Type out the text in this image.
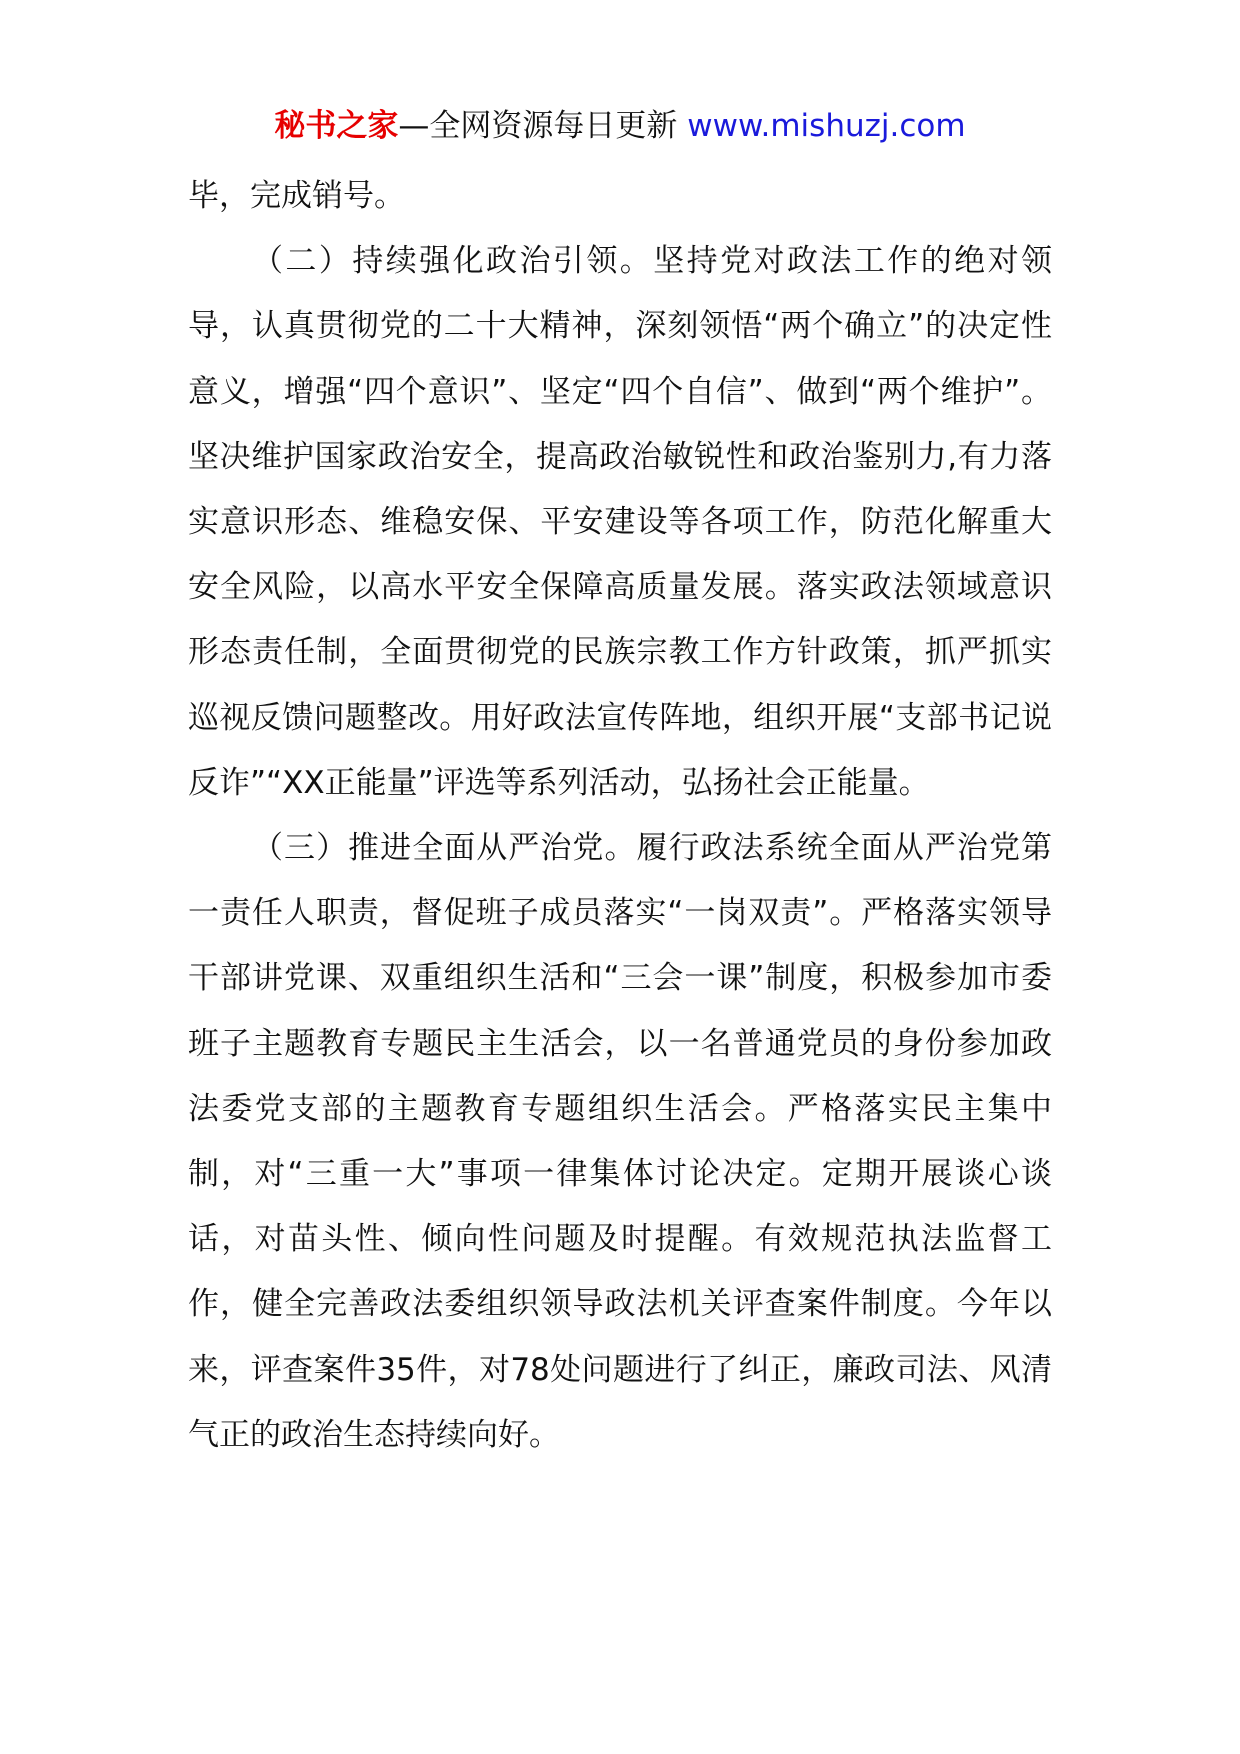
秘书之家—全网资源每日更新 www.mishuzj.com

毕，完成销号。

（二）持续强化政治引领。坚持党对政法工作的绝对领导，认真贯彻党的二十大精神，深刻领悟“两个确立”的决定性意义，增强“四个意识”、坚定“四个自信”、做到“两个维护”。坚决维护国家政治安全，提高政治敏锐性和政治鉴别力,有力落实意识形态、维稳安保、平安建设等各项工作，防范化解重大安全风险，以高水平安全保障高质量发展。落实政法领域意识形态责任制，全面贯彻党的民族宗教工作方针政策，抓严抓实巡视反馈问题整改。用好政法宣传阵地，组织开展“支部书记说反诈”“XX正能量”评选等系列活动，弘扬社会正能量。

（三）推进全面从严治党。履行政法系统全面从严治党第一责任人职责，督促班子成员落实“一岗双责”。严格落实领导干部讲党课、双重组织生活和“三会一课”制度，积极参加市委班子主题教育专题民主生活会，以一名普通党员的身份参加政法委党支部的主题教育专题组织生活会。严格落实民主集中制，对“三重一大”事项一律集体讨论决定。定期开展谈心谈话，对苗头性、倾向性问题及时提醒。有效规范执法监督工作，健全完善政法委组织领导政法机关评查案件制度。今年以来，评查案件35件，对78处问题进行了纠正，廉政司法、风清气正的政治生态持续向好。
